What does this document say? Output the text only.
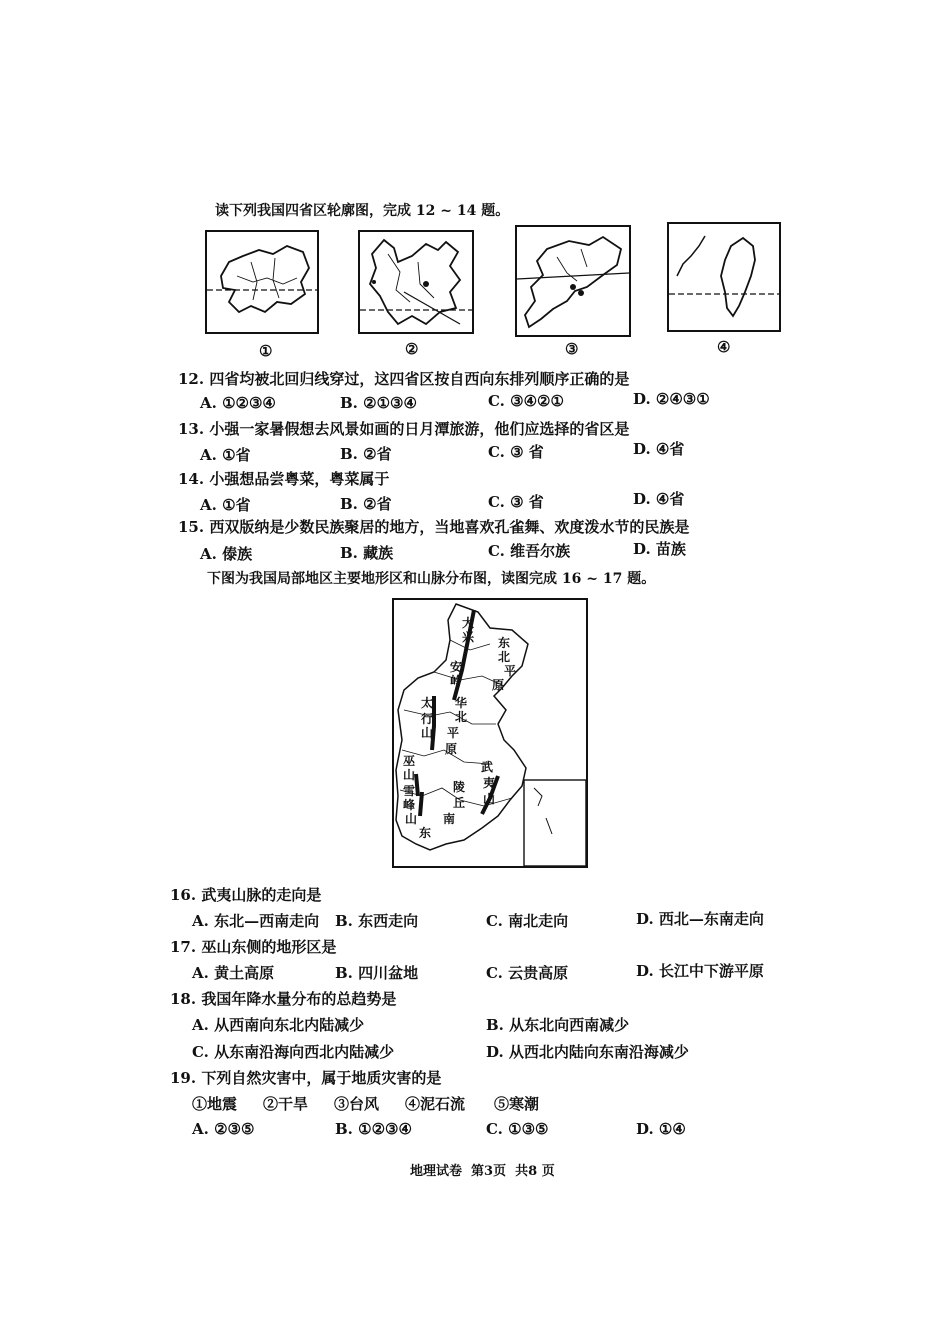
读下列我国四省区轮廓图，完成 12 ~ 14 题。
①	②	③	④
12. 四省均被北回归线穿过，这四省区按自西向东排列顺序正确的是
A. ①②③④	B. ②①③④	C. ③④②①	D. ②④③①
13. 小强一家暑假想去风景如画的日月潭旅游，他们应选择的省区是
A. ①省	B. ②省	C. ③ 省	D. ④省
14. 小强想品尝粤菜，粤菜属于
A. ①省	B. ②省	C. ③ 省	D. ④省
15. 西双版纳是少数民族聚居的地方，当地喜欢孔雀舞、欢度泼水节的民族是
A. 傣族	B. 藏族	C. 维吾尔族	D. 苗族
下图为我国局部地区主要地形区和山脉分布图，读图完成 16 ~ 17 题。
大
兴
安
岭
东
北
平
原
太
行
山
华
北
平
原
巫
山
雪
峰
山
武
夷
山
陵
丘
南
东
16. 武夷山脉的走向是
A. 东北—西南走向 B. 东西走向	C. 南北走向	D. 西北—东南走向
17. 巫山东侧的地形区是
A. 黄土高原	B. 四川盆地	C. 云贵高原	D. 长江中下游平原
18. 我国年降水量分布的总趋势是
A. 从西南向东北内陆减少	B. 从东北向西南减少
C. 从东南沿海向西北内陆减少	D. 从西北内陆向东南沿海减少
19. 下列自然灾害中，属于地质灾害的是
①地震 ②干旱 ③台风 ④泥石流 ⑤寒潮
A. ②③⑤	B. ①②③④	C. ①③⑤	D. ①④
地理试卷  第3页  共8 页
